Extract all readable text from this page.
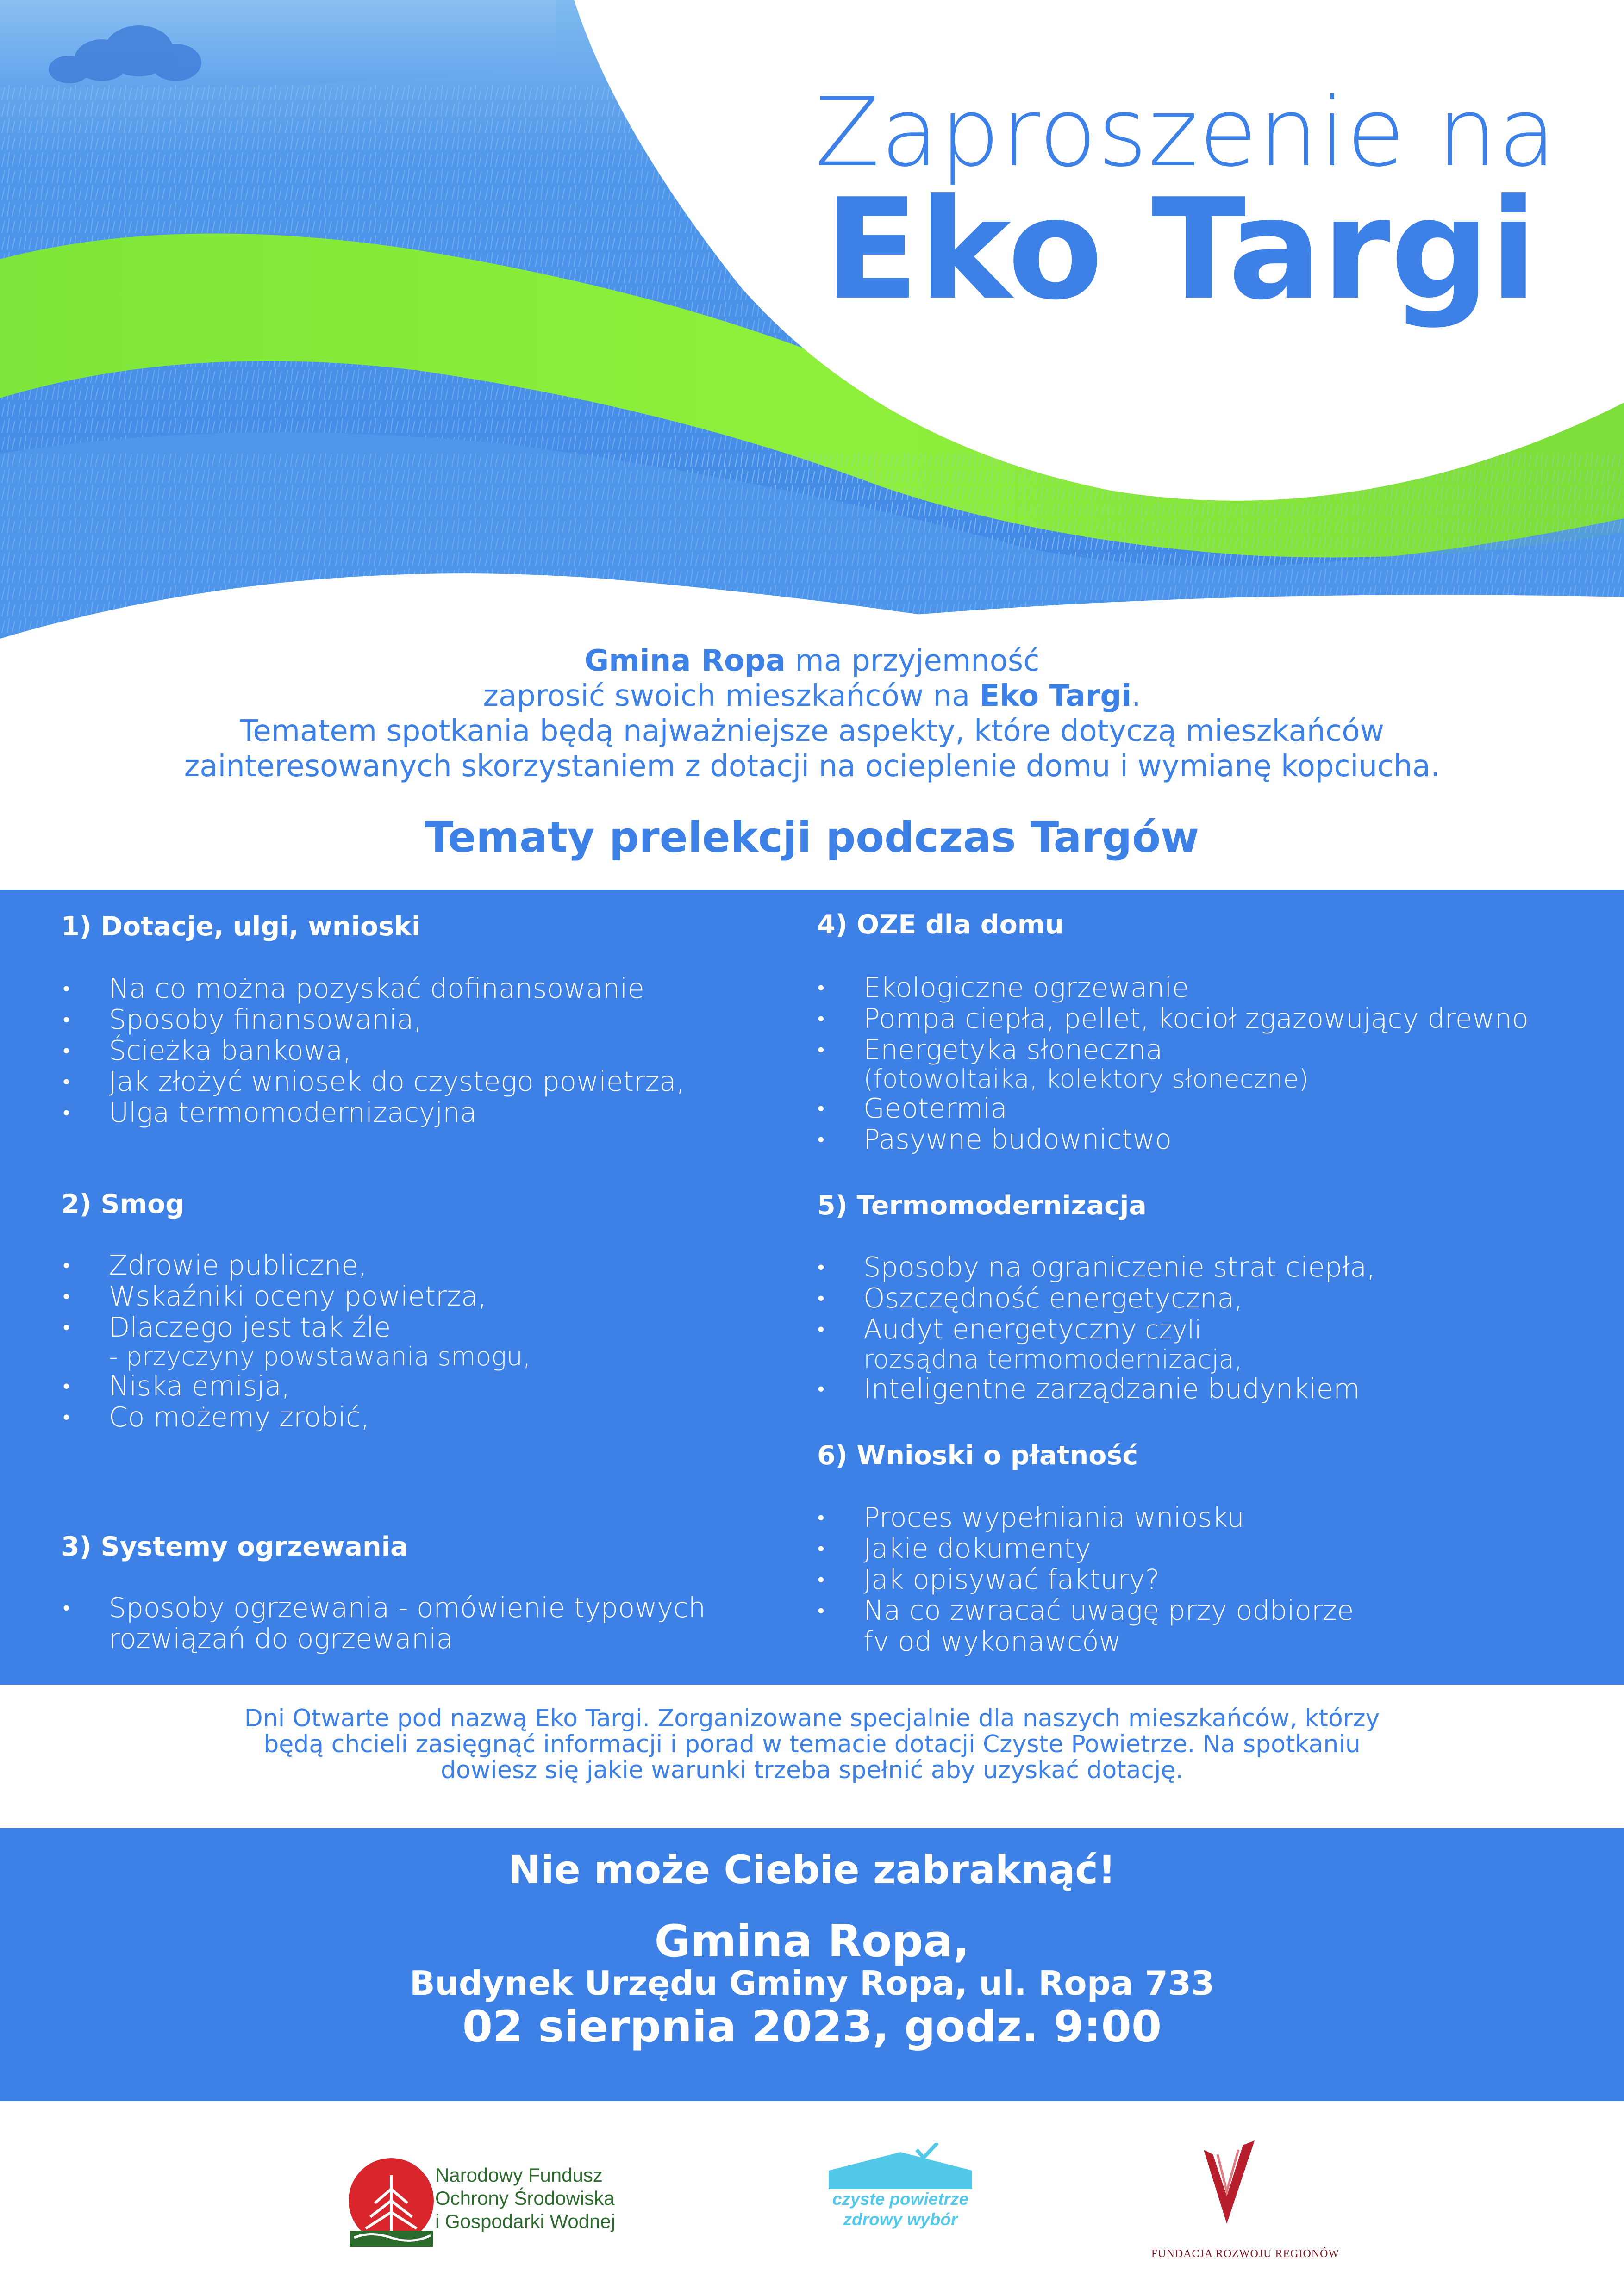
Zaproszenie na
Eko Targi
Gmina Ropa ma przyjemność
zaprosić swoich mieszkańców na Eko Targi.
Tematem spotkania będą najważniejsze aspekty, które dotyczą mieszkańców
zainteresowanych skorzystaniem z dotacji na ocieplenie domu i wymianę kopciucha.
Tematy prelekcji podczas Targów
1) Dotacje, ulgi, wnioski
• Na co można pozyskać dofinansowanie
• Sposoby finansowania,
• Ścieżka bankowa,
• Jak złożyć wniosek do czystego powietrza,
• Ulga termomodernizacyjna
2) Smog
• Zdrowie publiczne,
• Wskaźniki oceny powietrza,
• Dlaczego jest tak źle
- przyczyny powstawania smogu,
• Niska emisja,
• Co możemy zrobić,
3) Systemy ogrzewania
• Sposoby ogrzewania - omówienie typowych
rozwiązań do ogrzewania
4) OZE dla domu
• Ekologiczne ogrzewanie
• Pompa ciepła, pellet, kocioł zgazowujący drewno
• Energetyka słoneczna
(fotowoltaika, kolektory słoneczne)
• Geotermia
• Pasywne budownictwo
5) Termomodernizacja
• Sposoby na ograniczenie strat ciepła,
• Oszczędność energetyczna,
• Audyt energetyczny czyli
rozsądna termomodernizacja,
• Inteligentne zarządzanie budynkiem
6) Wnioski o płatność
• Proces wypełniania wniosku
• Jakie dokumenty
• Jak opisywać faktury?
• Na co zwracać uwagę przy odbiorze
fv od wykonawców
Dni Otwarte pod nazwą Eko Targi. Zorganizowane specjalnie dla naszych mieszkańców, którzy
będą chcieli zasięgnąć informacji i porad w temacie dotacji Czyste Powietrze. Na spotkaniu
dowiesz się jakie warunki trzeba spełnić aby uzyskać dotację.
Nie może Ciebie zabraknąć!
Gmina Ropa,
Budynek Urzędu Gminy Ropa, ul. Ropa 733
02 sierpnia 2023, godz. 9:00
Narodowy Fundusz
Ochrony Środowiska
i Gospodarki Wodnej
czyste powietrze
zdrowy wybór
FUNDACJA ROZWOJU REGIONÓW
